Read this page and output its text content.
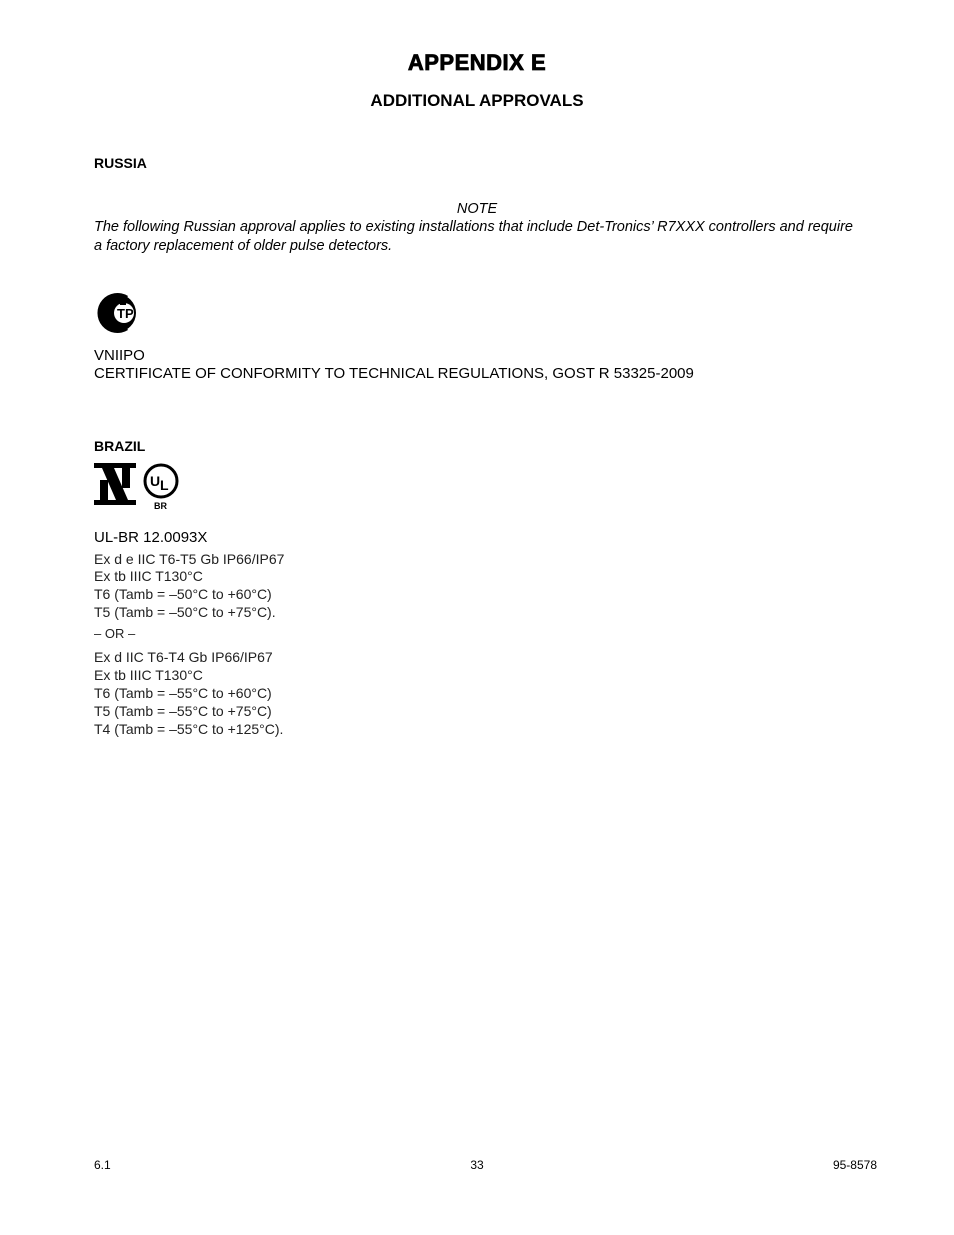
APPENDIX E
ADDITIONAL APPROVALS
RUSSIA
NOTE
The following Russian approval applies to existing installations that include Det-Tronics’ R7XXX controllers and require
a factory replacement of older pulse detectors.
ТР
VNIIPO
CERTIFICATE OF CONFORMITY TO TECHNICAL REGULATIONS, GOST R 53325-2009
BRAZIL
U L
BR
UL-BR 12.0093X
Ex d e IIC T6-T5 Gb IP66/IP67
Ex tb IIIC T130°C
T6 (Tamb = –50°C to +60°C)
T5 (Tamb = –50°C to +75°C).
– OR –
Ex d IIC T6-T4 Gb IP66/IP67
Ex tb IIIC T130°C
T6 (Tamb = –55°C to +60°C)
T5 (Tamb = –55°C to +75°C)
T4 (Tamb = –55°C to +125°C).
6.1	33	95-8578
